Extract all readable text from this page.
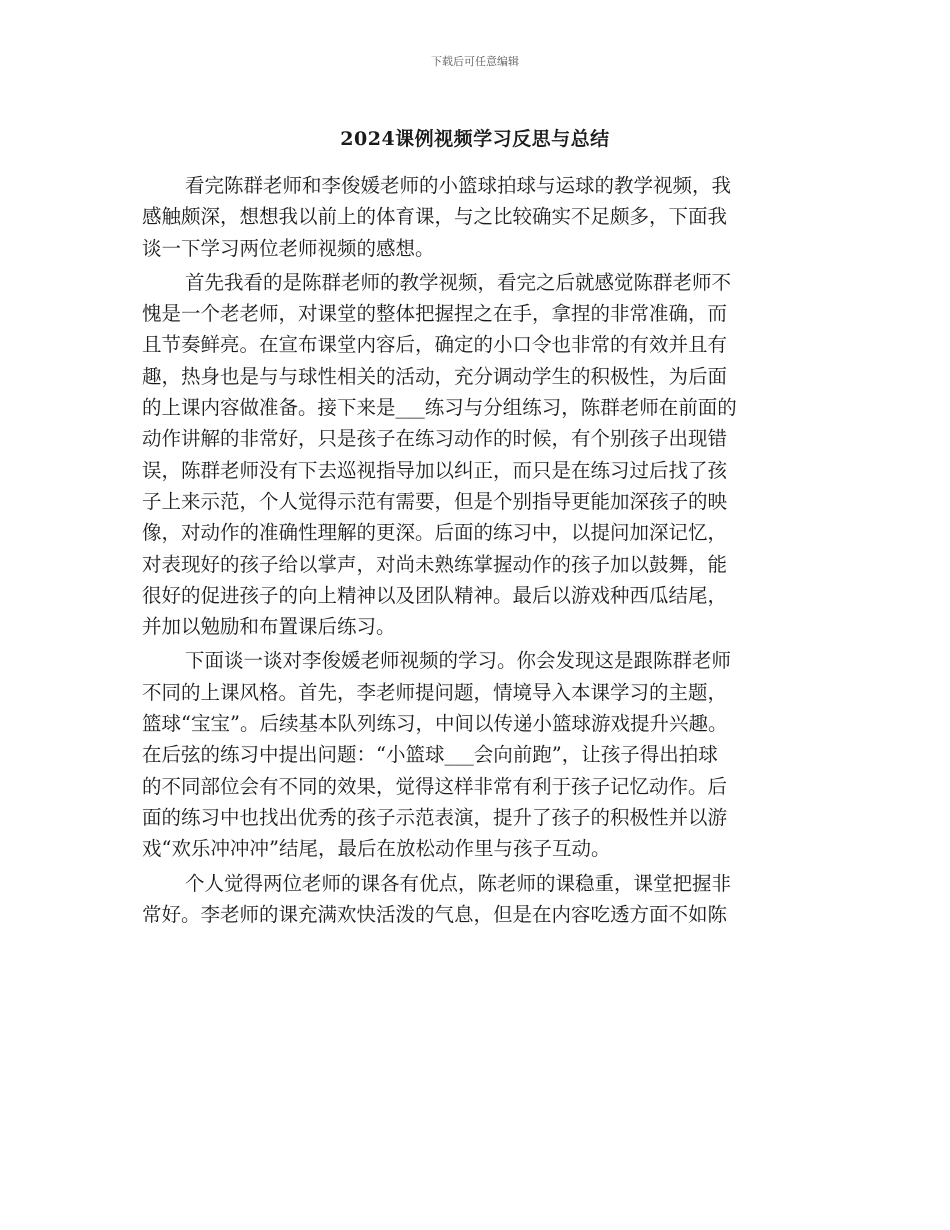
下载后可任意编辑
2024课例视频学习反思与总结
看完陈群老师和李俊媛老师的小篮球拍球与运球的教学视频，我
感触颇深，想想我以前上的体育课，与之比较确实不足颇多，下面我
谈一下学习两位老师视频的感想。
首先我看的是陈群老师的教学视频，看完之后就感觉陈群老师不
愧是一个老老师，对课堂的整体把握捏之在手，拿捏的非常准确，而
且节奏鲜亮。在宣布课堂内容后，确定的小口令也非常的有效并且有
趣，热身也是与与球性相关的活动，充分调动学生的积极性，为后面
的上课内容做准备。接下来是___练习与分组练习，陈群老师在前面的
动作讲解的非常好，只是孩子在练习动作的时候，有个别孩子出现错
误，陈群老师没有下去巡视指导加以纠正，而只是在练习过后找了孩
子上来示范，个人觉得示范有需要，但是个别指导更能加深孩子的映
像，对动作的准确性理解的更深。后面的练习中，以提问加深记忆，
对表现好的孩子给以掌声，对尚未熟练掌握动作的孩子加以鼓舞，能
很好的促进孩子的向上精神以及团队精神。最后以游戏种西瓜结尾，
并加以勉励和布置课后练习。
下面谈一谈对李俊媛老师视频的学习。你会发现这是跟陈群老师
不同的上课风格。首先，李老师提问题，情境导入本课学习的主题，
篮球“宝宝”。后续基本队列练习，中间以传递小篮球游戏提升兴趣。
在后弦的练习中提出问题：“小篮球___会向前跑”，让孩子得出拍球
的不同部位会有不同的效果，觉得这样非常有利于孩子记忆动作。后
面的练习中也找出优秀的孩子示范表演，提升了孩子的积极性并以游
戏“欢乐冲冲冲”结尾，最后在放松动作里与孩子互动。
个人觉得两位老师的课各有优点，陈老师的课稳重，课堂把握非
常好。李老师的课充满欢快活泼的气息，但是在内容吃透方面不如陈
